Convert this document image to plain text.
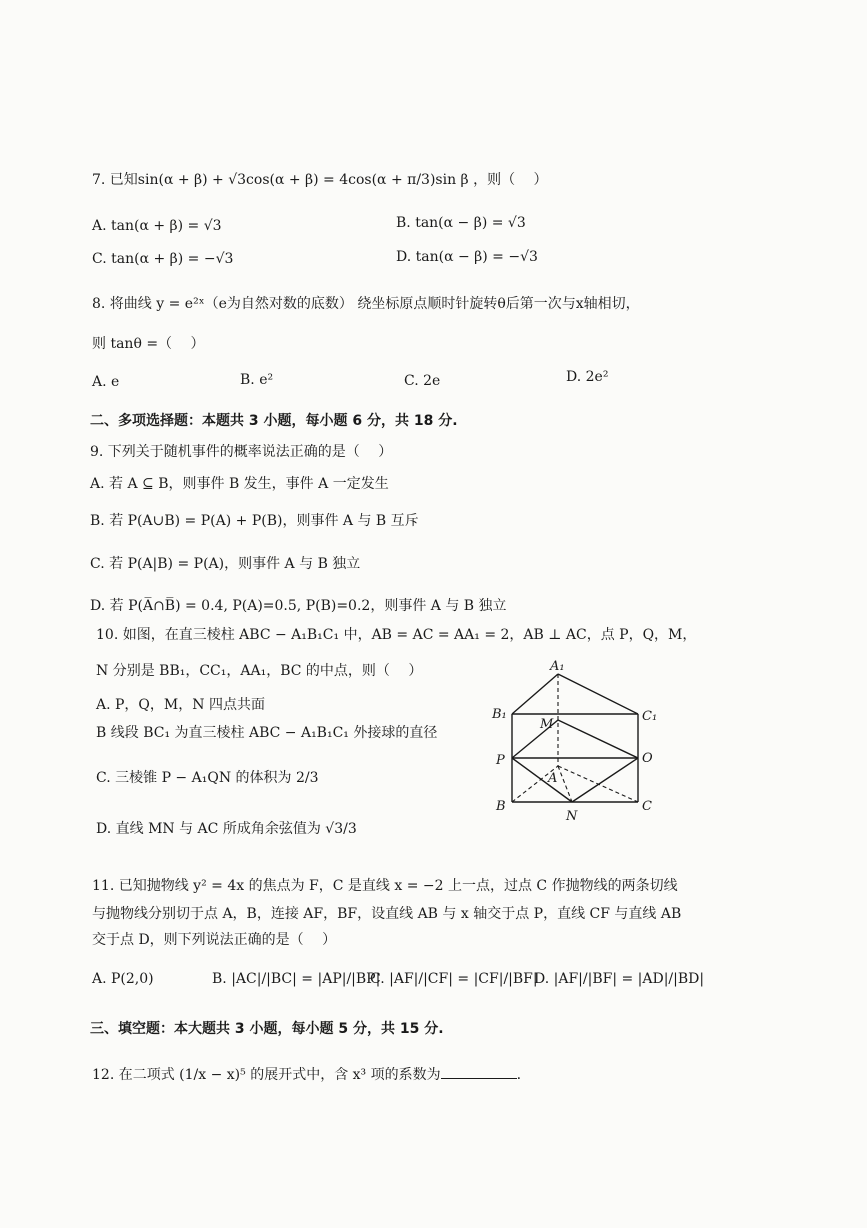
7. 已知sin(α + β) + √3cos(α + β) = 4cos(α + π/3)sin β ，则（　 ）
A. tan(α + β) = √3	B. tan(α − β) = √3
C. tan(α + β) = −√3	D. tan(α − β) = −√3
8. 将曲线 y = e²ˣ（e为自然对数的底数） 绕坐标原点顺时针旋转θ后第一次与x轴相切，
则 tanθ =（　 ）
A. e	B. e²	C. 2e	D. 2e²
二、多项选择题：本题共 3 小题，每小题 6 分，共 18 分.
9. 下列关于随机事件的概率说法正确的是（　 ）
A. 若 A ⊆ B，则事件 B 发生，事件 A 一定发生
B. 若 P(A∪B) = P(A) + P(B)，则事件 A 与 B 互斥
C. 若 P(A|B) = P(A)，则事件 A 与 B 独立
D. 若 P(A̅∩B̅) = 0.4, P(A)=0.5, P(B)=0.2，则事件 A 与 B 独立
10. 如图，在直三棱柱 ABC − A₁B₁C₁ 中，AB = AC = AA₁ = 2，AB ⊥ AC，点 P，Q，M，
N 分别是 BB₁，CC₁，AA₁，BC 的中点，则（　 ）
A. P，Q，M，N 四点共面
B 线段 BC₁ 为直三棱柱 ABC − A₁B₁C₁ 外接球的直径
C. 三棱锥 P − A₁QN 的体积为 2/3
D. 直线 MN 与 AC 所成角余弦值为 √3/3
A₁
B₁	C₁
M
P	O
A
B	C
N
11. 已知抛物线 y² = 4x 的焦点为 F，C 是直线 x = −2 上一点，过点 C 作抛物线的两条切线
与抛物线分别切于点 A，B，连接 AF，BF，设直线 AB 与 x 轴交于点 P，直线 CF 与直线 AB
交于点 D，则下列说法正确的是（　 ）
A. P(2,0)	B. |AC|/|BC| = |AP|/|BP|
C. |AF|/|CF| = |CF|/|BF|
D. |AF|/|BF| = |AD|/|BD|
三、填空题：本大题共 3 小题，每小题 5 分，共 15 分.
12. 在二项式 (1/x − x)⁵ 的展开式中，含 x³ 项的系数为	.
